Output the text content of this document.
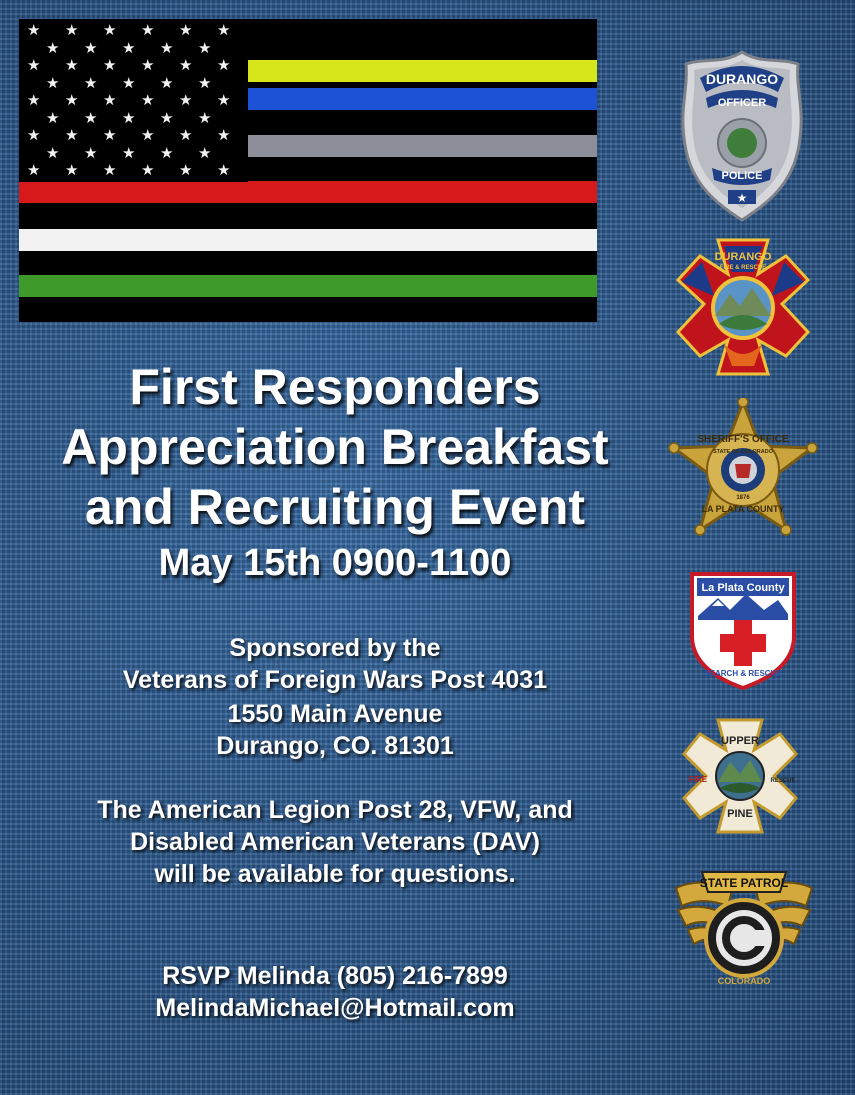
★ ★ ★ ★ ★ ★
★ ★ ★ ★ ★
★ ★ ★ ★ ★ ★
★ ★ ★ ★ ★
★ ★ ★ ★ ★ ★
★ ★ ★ ★ ★
★ ★ ★ ★ ★ ★
★ ★ ★ ★ ★
★ ★ ★ ★ ★ ★
First Responders
Appreciation Breakfast
and Recruiting Event
May 15th 0900-1100

Sponsored by the

Veterans of Foreign Wars Post 4031

1550 Main Avenue

Durango, CO. 81301

The American Legion Post 28, VFW, and

Disabled American Veterans (DAV)

will be available for questions.

RSVP Melinda (805) 216-7899

MelindaMichael@Hotmail.com

DURANGO
OFFICER
POLICE
★
DURANGO
FIRE & RESCUE
SHERIFF'S OFFICE
STATE OF COLORADO
1876
LA PLATA COUNTY
La Plata County
SEARCH & RESCUE
UPPER
PINE
FIRE	RESCUE
STATE PATROL
COLORADO
